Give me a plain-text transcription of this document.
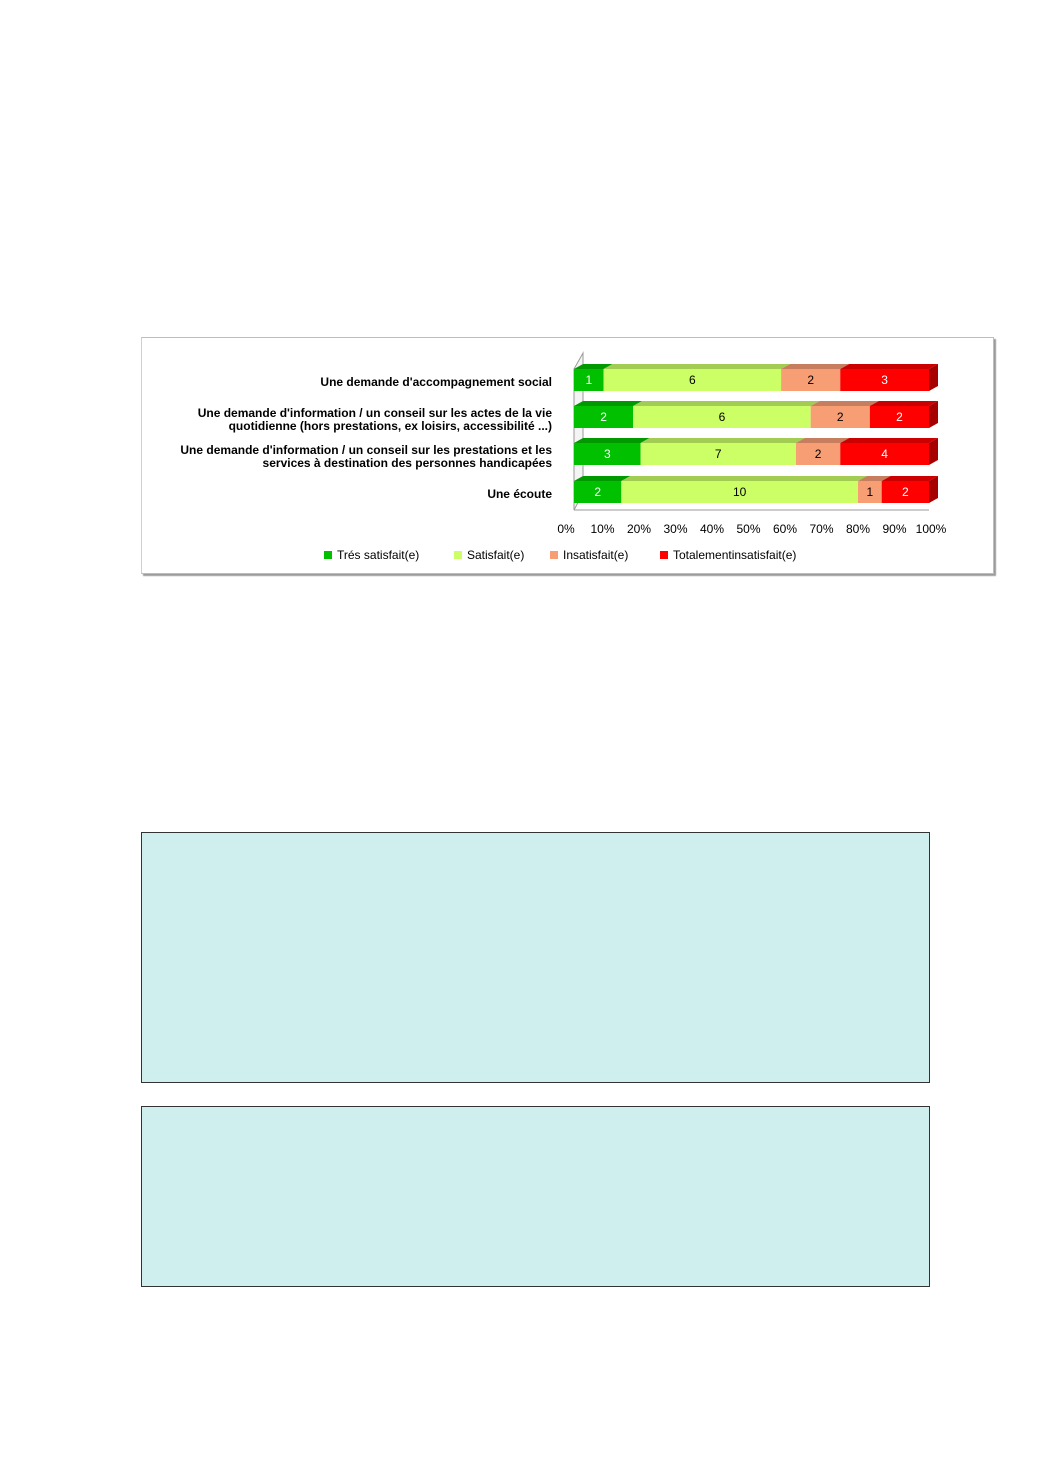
1	6	2	3
Une demande d'accompagnement social
2	6	2	2
Une demande d'information / un conseil sur les actes de la vie
quotidienne (hors prestations, ex loisirs, accessibilité ...)
3	7	2	4
Une demande d'information / un conseil sur les prestations et les
services à destination des personnes handicapées
2	10	1 2
Une écoute
0% 10% 20% 30% 40% 50% 60% 70% 80% 90% 100%
Trés satisfait(e)	Satisfait(e)	Insatisfait(e)	Totalementinsatisfait(e)
